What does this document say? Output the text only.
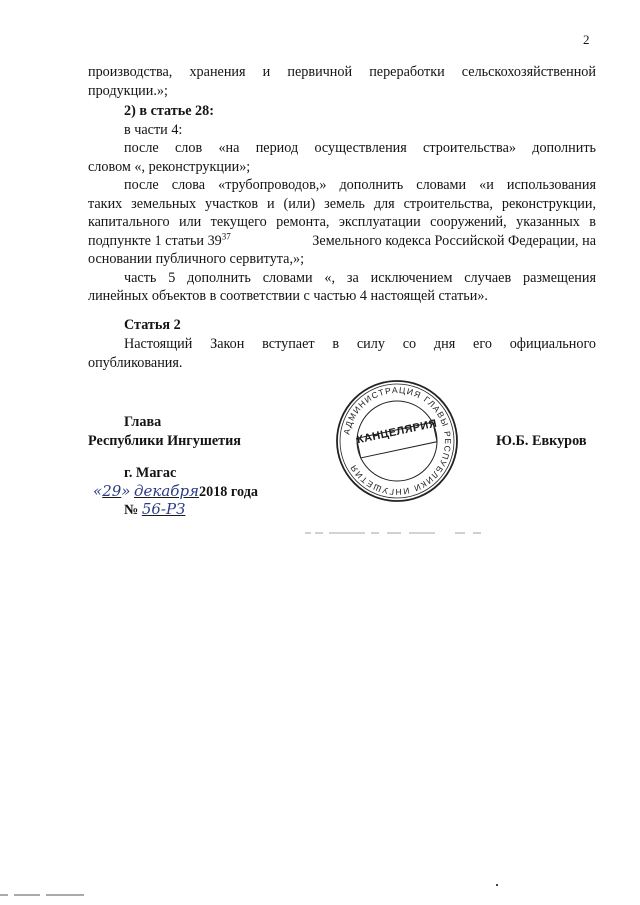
2
производства, хранения и первичной переработки сельскохозяйственной
продукции.»;
2) в статье 28:
в части 4:
после слов «на период осуществления строительства» дополнить
словом «, реконструкции»;
после слова «трубопроводов,» дополнить словами «и использования
таких земельных участков и (или) земель для строительства, реконструкции,
капитального или текущего ремонта, эксплуатации сооружений, указанных в
подпункте 1 статьи $39^{37}$	Земельного кодекса Российской Федерации, на
основании публичного сервитута,»;
часть 5 дополнить словами «, за исключением случаев размещения
линейных объектов в соответствии с частью 4 настоящей статьи».
Статья 2
Настоящий Закон вступает в силу со дня его официального
опубликования.
Глава
Республики Ингушетия	Ю.Б. Евкуров
г. Магас
«29» декабря2018 года
№ 56-РЗ
АДМИНИСТРАЦИЯ ГЛАВЫ РЕСПУБЛИКИ ИНГУШЕТИЯ
КАНЦЕЛЯРИЯ
